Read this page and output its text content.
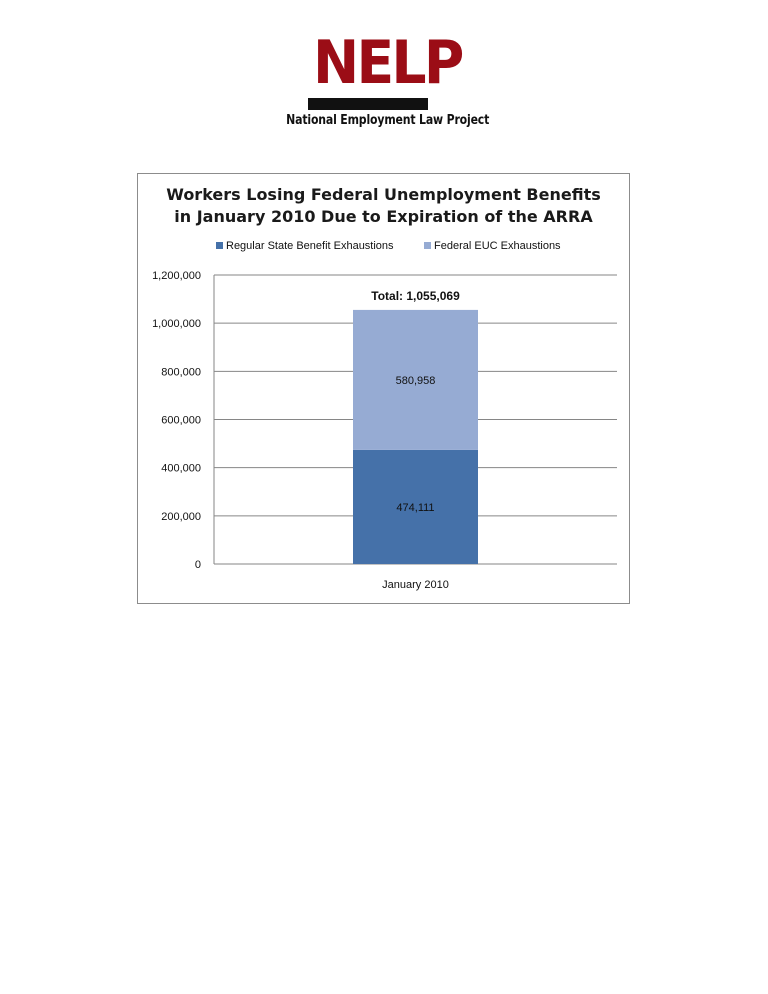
NELP
National Employment Law Project
Workers Losing Federal Unemployment Benefits
in January 2010 Due to Expiration of the ARRA
0
200,000
400,000
600,000
800,000
1,000,000
1,200,000
Regular State Benefit Exhaustions	Federal EUC Exhaustions
474,111
580,958
Total: 1,055,069
January 2010
